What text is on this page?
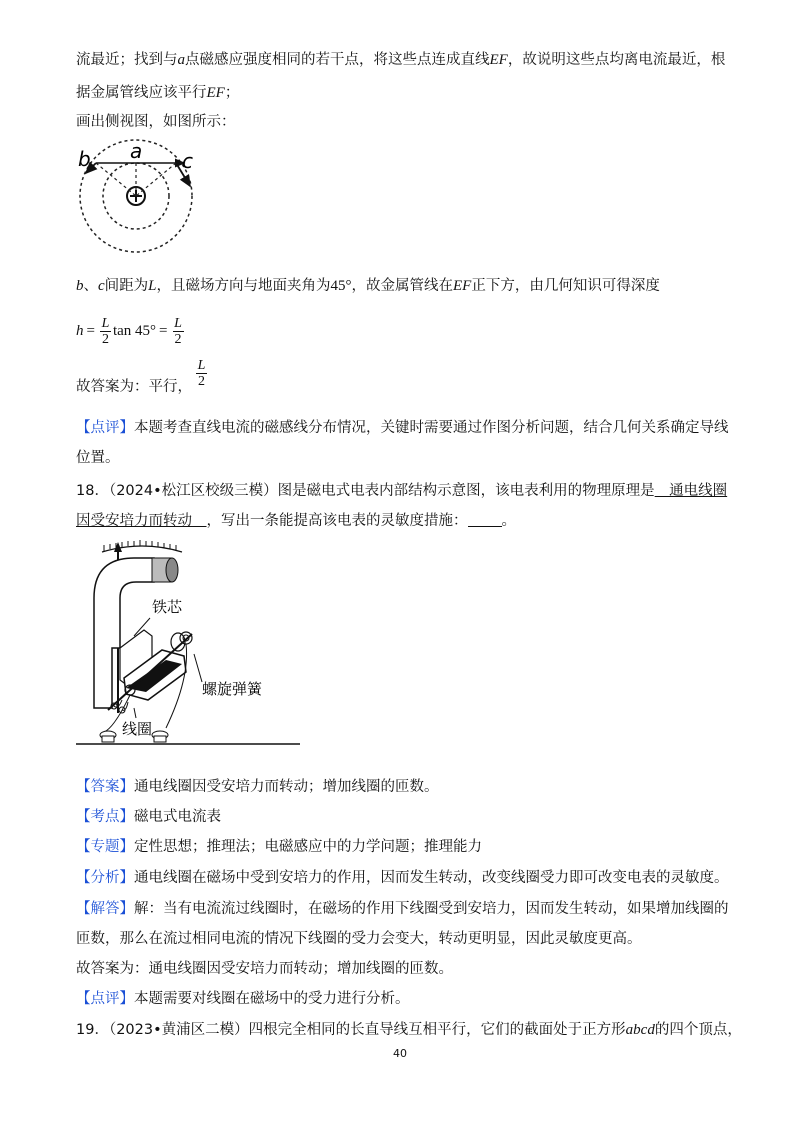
流最近；找到与a点磁感应强度相同的若干点，将这些点连成直线EF，故说明这些点均离电流最近，根
据金属管线应该平行EF；
画出侧视图，如图所示：
b a c
b、c间距为L，且磁场方向与地面夹角为45°，故金属管线在EF正下方，由几何知识可得深度
$h = \frac{L}{2}$ $\tan 45^\circ = \frac{L}{2}$
故答案为：平行， $\frac{L}{2}$
【点评】本题考查直线电流的磁感线分布情况，关键时需要通过作图分析问题，结合几何关系确定导线
位置。
18．（2024•松江区校级三模）图是磁电式电表内部结构示意图，该电表利用的物理原理是　通电线圈
因受安培力而转动　，写出一条能提高该电表的灵敏度措施： 。
铁芯
螺旋弹簧
线圈
【答案】通电线圈因受安培力而转动；增加线圈的匝数。
【考点】磁电式电流表
【专题】定性思想；推理法；电磁感应中的力学问题；推理能力
【分析】通电线圈在磁场中受到安培力的作用，因而发生转动，改变线圈受力即可改变电表的灵敏度。
【解答】解：当有电流流过线圈时，在磁场的作用下线圈受到安培力，因而发生转动，如果增加线圈的
匝数，那么在流过相同电流的情况下线圈的受力会变大，转动更明显，因此灵敏度更高。
故答案为：通电线圈因受安培力而转动；增加线圈的匝数。
【点评】本题需要对线圈在磁场中的受力进行分析。
19．（2023•黄浦区二模）四根完全相同的长直导线互相平行，它们的截面处于正方形abcd的四个顶点，
40
